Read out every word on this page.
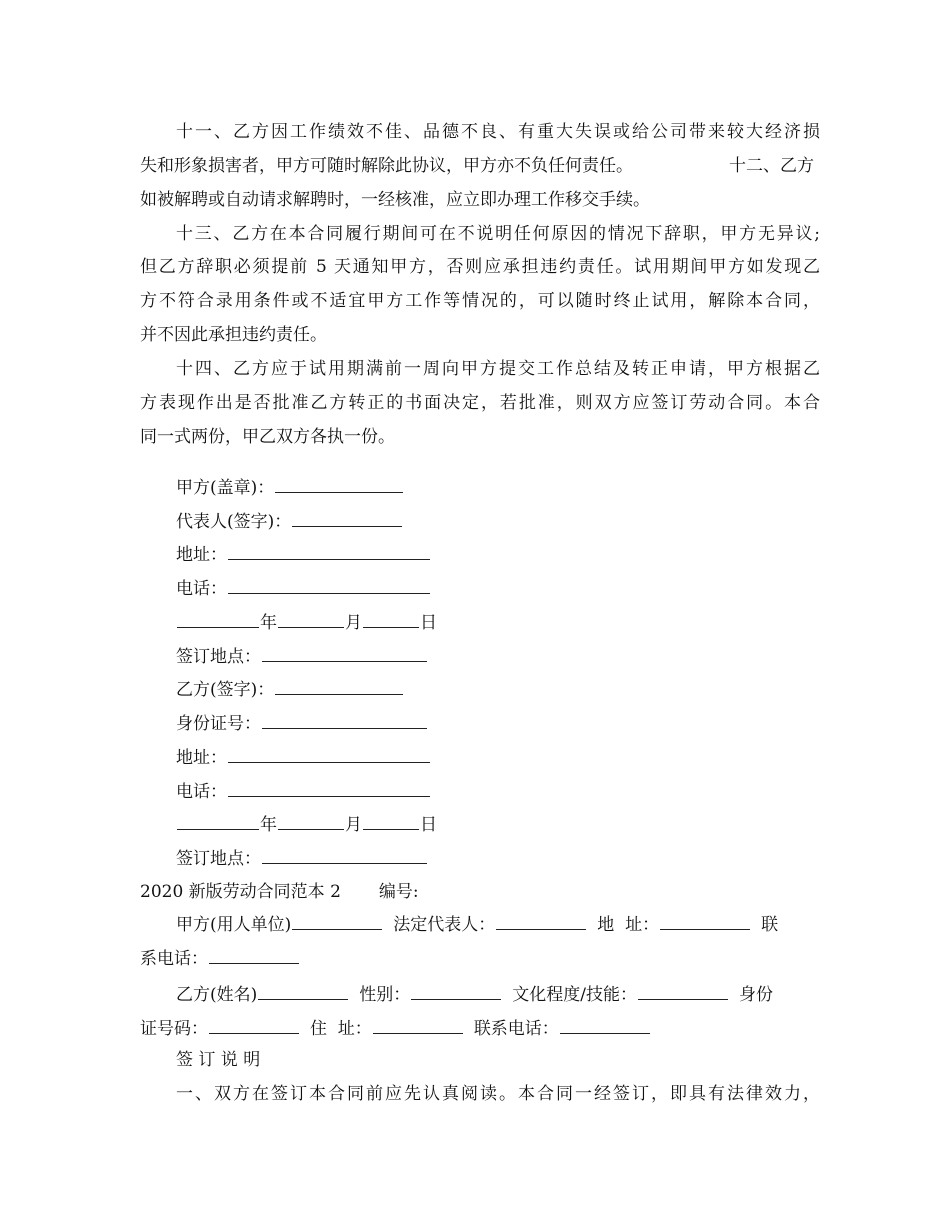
十一、乙方因工作绩效不佳、品德不良、有重大失误或给公司带来较大经济损
失和形象损害者，甲方可随时解除此协议，甲方亦不负任何责任。	十二、乙方
如被解聘或自动请求解聘时，一经核准，应立即办理工作移交手续。
十三、乙方在本合同履行期间可在不说明任何原因的情况下辞职，甲方无异议;
但乙方辞职必须提前 5 天通知甲方，否则应承担违约责任。试用期间甲方如发现乙
方不符合录用条件或不适宜甲方工作等情况的，可以随时终止试用，解除本合同，
并不因此承担违约责任。
十四、乙方应于试用期满前一周向甲方提交工作总结及转正申请，甲方根据乙
方表现作出是否批准乙方转正的书面决定，若批准，则双方应签订劳动合同。本合
同一式两份，甲乙双方各执一份。
甲方(盖章)：
代表人(签字)：
地址：
电话：
年	月	日
签订地点：
乙方(签字)：
身份证号：
地址：
电话：
年	月	日
签订地点：
2020 新版劳动合同范本 2 编号:
甲方(用人单位)	法定代表人：	地  址：	联
系电话：
乙方(姓名)	性别：	文化程度/技能：	身份
证号码：	住  址：	联系电话：
签 订 说 明
一、双方在签订本合同前应先认真阅读。本合同一经签订，即具有法律效力，
